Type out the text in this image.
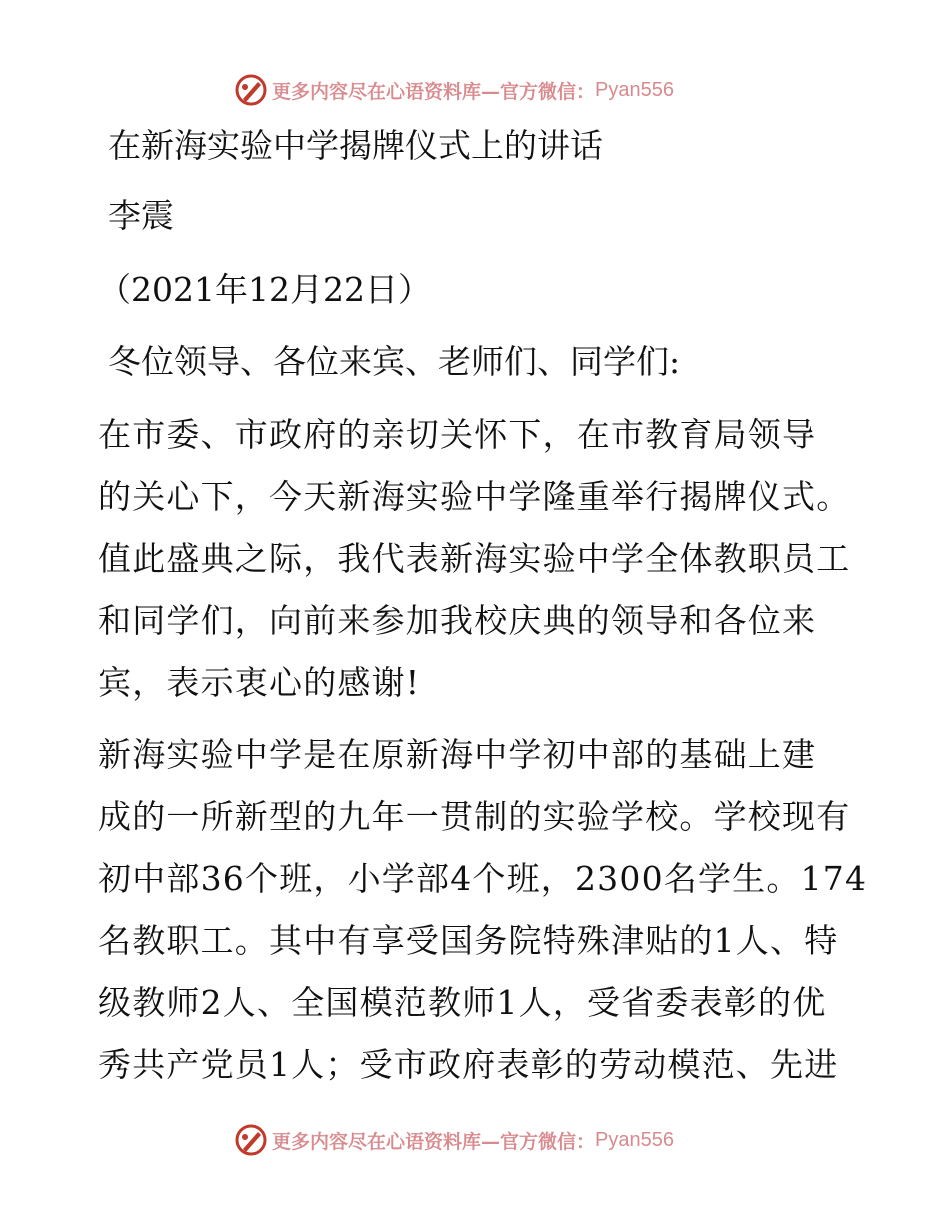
更多内容尽在心语资料库—官方微信： Pyan556

在新海实验中学揭牌仪式上的讲话

李震

（2021年12月22日）

冬位领导、各位来宾、老师们、同学们:

在市委、市政府的亲切关怀下，在市教育局领导
的关心下，今天新海实验中学隆重举行揭牌仪式。
值此盛典之际，我代表新海实验中学全体教职员工
和同学们，向前来参加我校庆典的领导和各位来
宾，表示衷心的感谢!
新海实验中学是在原新海中学初中部的基础上建
成的一所新型的九年一贯制的实验学校。学校现有
初中部36个班，小学部4个班，2300名学生。174
名教职工。其中有享受国务院特殊津贴的1人、特
级教师2人、全国模范教师1人，受省委表彰的优
秀共产党员1人；受市政府表彰的劳动模范、先进
更多内容尽在心语资料库—官方微信： Pyan556
